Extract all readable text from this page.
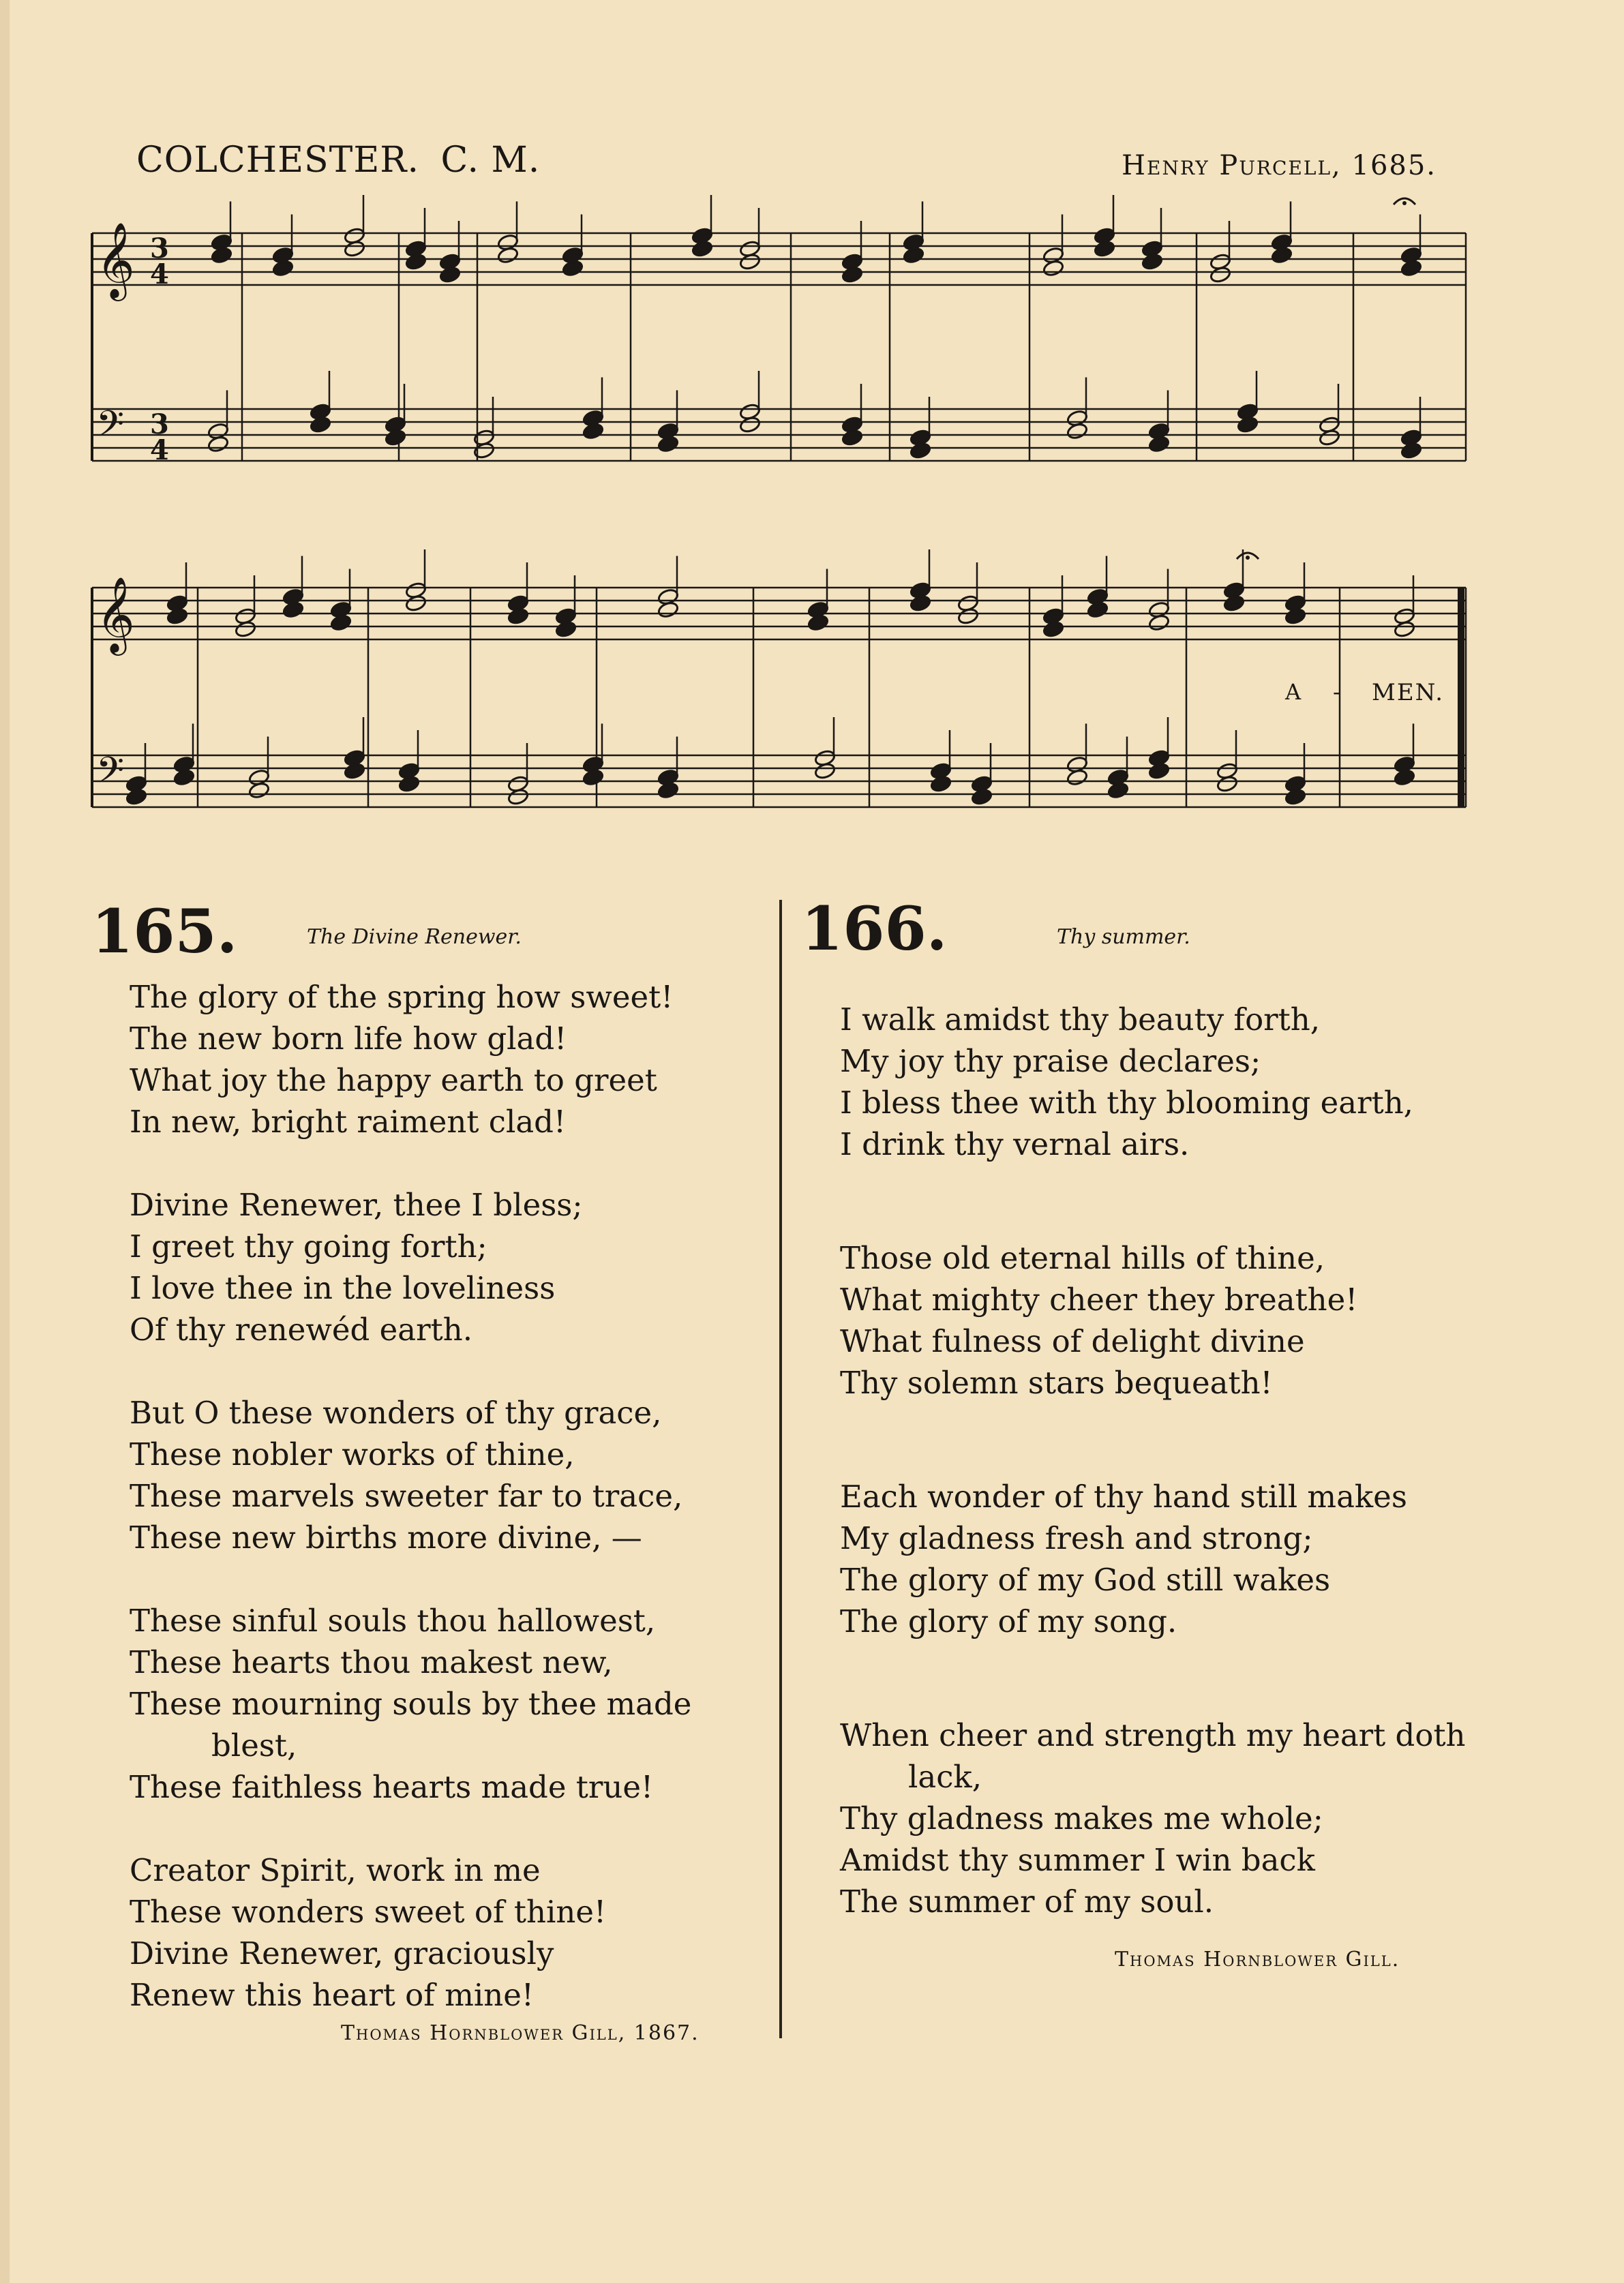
COLCHESTER. C. M.	Henry Purcell, 1685.
𝄞
𝄢
𝄞
𝄢
3
4
3
4
A - MEN.
165.	The Divine Renewer.
The glory of the spring how sweet!
The new born life how glad!
What joy the happy earth to greet
In new, bright raiment clad!
Divine Renewer, thee I bless;
I greet thy going forth;
I love thee in the loveliness
Of thy renewéd earth.
But O these wonders of thy grace,
These nobler works of thine,
These marvels sweeter far to trace,
These new births more divine, —
These sinful souls thou hallowest,
These hearts thou makest new,
These mourning souls by thee made
blest,
These faithless hearts made true!
Creator Spirit, work in me
These wonders sweet of thine!
Divine Renewer, graciously
Renew this heart of mine!
Thomas Hornblower Gill, 1867.
166.	Thy summer.
I walk amidst thy beauty forth,
My joy thy praise declares;
I bless thee with thy blooming earth,
I drink thy vernal airs.
Those old eternal hills of thine,
What mighty cheer they breathe!
What fulness of delight divine
Thy solemn stars bequeath!
Each wonder of thy hand still makes
My gladness fresh and strong;
The glory of my God still wakes
The glory of my song.
When cheer and strength my heart doth
lack,
Thy gladness makes me whole;
Amidst thy summer I win back
The summer of my soul.
Thomas Hornblower Gill.
